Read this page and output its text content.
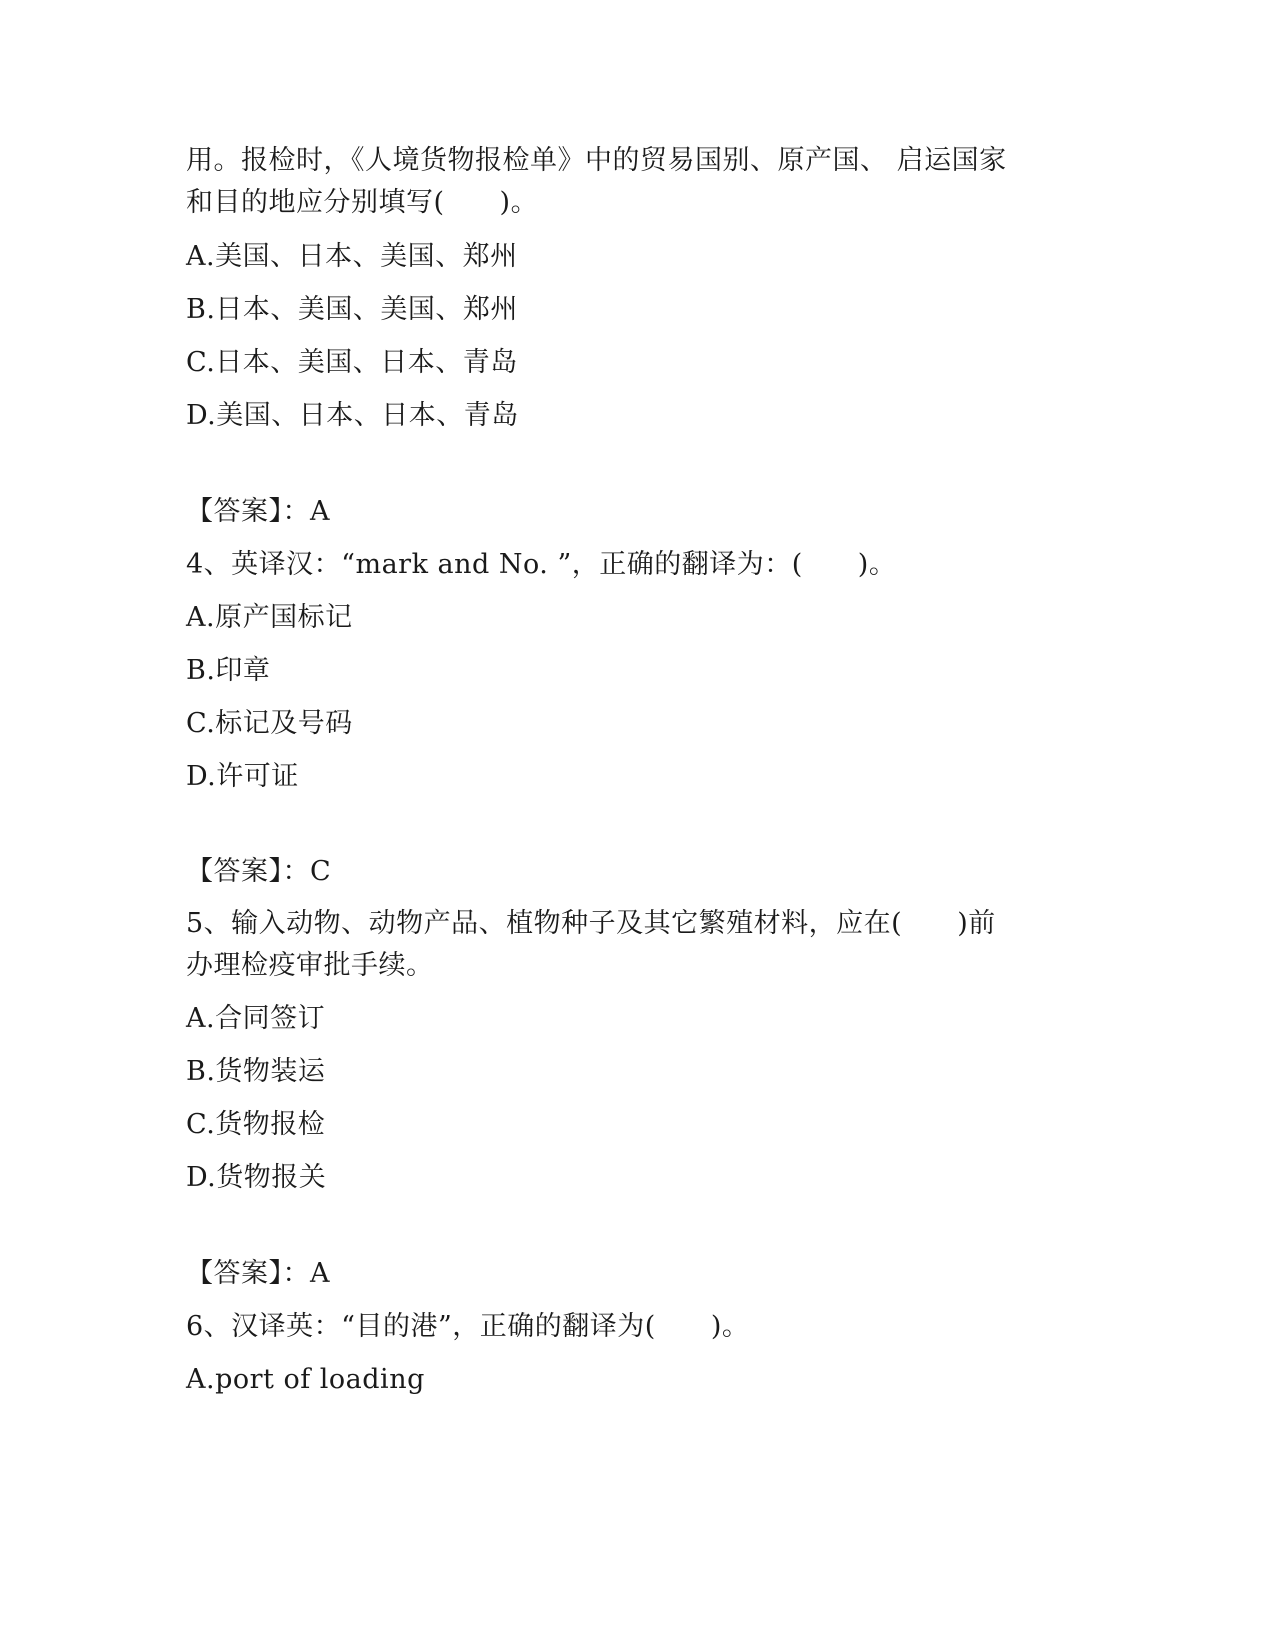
用。报检时，《人境货物报检单》中的贸易国别、原产国、 启运国家
和目的地应分别填写(　　)。
A.美国、日本、美国、郑州
B.日本、美国、美国、郑州
C.日本、美国、日本、青岛
D.美国、日本、日本、青岛
【答案】：A
4、英译汉：“mark and No. ”，正确的翻译为：(　　)。
A.原产国标记
B.印章
C.标记及号码
D.许可证
【答案】：C
5、输入动物、动物产品、植物种子及其它繁殖材料，应在(　　)前
办理检疫审批手续。
A.合同签订
B.货物装运
C.货物报检
D.货物报关
【答案】：A
6、汉译英：“目的港”，正确的翻译为(　　)。
A.port of loading
